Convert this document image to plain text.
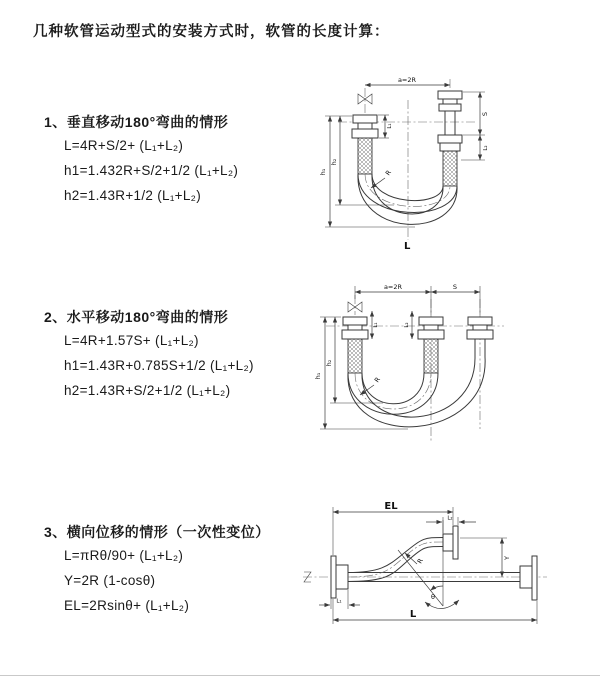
几种软管运动型式的安装方式时，软管的长度计算：
1、垂直移动180°弯曲的情形
L=4R+S/2+ (L₁+L₂)
h1=1.432R+S/2+1/2 (L₁+L₂)
h2=1.43R+1/2 (L₁+L₂)
2、水平移动180°弯曲的情形
L=4R+1.57S+ (L₁+L₂)
h1=1.43R+0.785S+1/2 (L₁+L₂)
h2=1.43R+S/2+1/2 (L₁+L₂)
3、横向位移的情形（一次性变位）
L=πRθ/90+ (L₁+L₂)
Y=2R (1-cosθ)
EL=2Rsinθ+ (L₁+L₂)
a=2R
L₁
h₁
h₂
S
L₂
R
L
a=2R	S
L₁	L₂
h₁
h₂
R
θ
R
EL
L₂
Y
L₁
L
